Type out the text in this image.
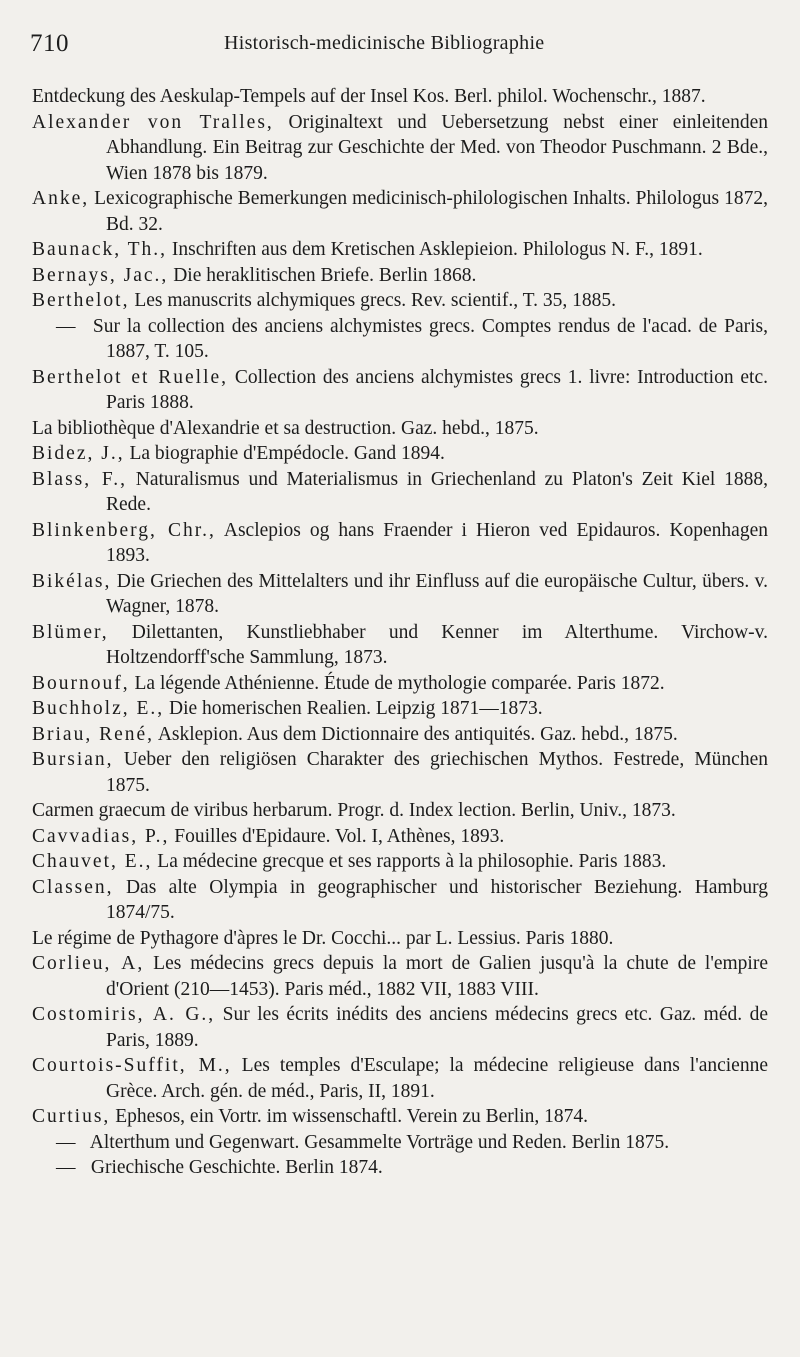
710	Historisch-medicinische Bibliographie

Entdeckung des Aeskulap-Tempels auf der Insel Kos. Berl. philol. Wochenschr., 1887.

Alexander von Tralles, Originaltext und Uebersetzung nebst einer einleitenden Abhandlung. Ein Beitrag zur Geschichte der Med. von Theodor Puschmann. 2 Bde., Wien 1878 bis 1879.

Anke, Lexicographische Bemerkungen medicinisch-philologischen Inhalts. Philologus 1872, Bd. 32.

Baunack, Th., Inschriften aus dem Kretischen Asklepieion. Philologus N. F., 1891.

Bernays, Jac., Die heraklitischen Briefe. Berlin 1868.

Berthelot, Les manuscrits alchymiques grecs. Rev. scientif., T. 35, 1885.

— Sur la collection des anciens alchymistes grecs. Comptes rendus de l'acad. de Paris, 1887, T. 105.

Berthelot et Ruelle, Collection des anciens alchymistes grecs 1. livre: Introduction etc. Paris 1888.

La bibliothèque d'Alexandrie et sa destruction. Gaz. hebd., 1875.

Bidez, J., La biographie d'Empédocle. Gand 1894.

Blass, F., Naturalismus und Materialismus in Griechenland zu Platon's Zeit Kiel 1888, Rede.

Blinkenberg, Chr., Asclepios og hans Fraender i Hieron ved Epidauros. Kopenhagen 1893.

Bikélas, Die Griechen des Mittelalters und ihr Einfluss auf die europäische Cultur, übers. v. Wagner, 1878.

Blümer, Dilettanten, Kunstliebhaber und Kenner im Alterthume. Virchow-v. Holtzendorff'sche Sammlung, 1873.

Bournouf, La légende Athénienne. Étude de mythologie comparée. Paris 1872.

Buchholz, E., Die homerischen Realien. Leipzig 1871—1873.

Briau, René, Asklepion. Aus dem Dictionnaire des antiquités. Gaz. hebd., 1875.

Bursian, Ueber den religiösen Charakter des griechischen Mythos. Festrede, München 1875.

Carmen graecum de viribus herbarum. Progr. d. Index lection. Berlin, Univ., 1873.

Cavvadias, P., Fouilles d'Epidaure. Vol. I, Athènes, 1893.

Chauvet, E., La médecine grecque et ses rapports à la philosophie. Paris 1883.

Classen, Das alte Olympia in geographischer und historischer Beziehung. Hamburg 1874/75.

Le régime de Pythagore d'àpres le Dr. Cocchi... par L. Lessius. Paris 1880.

Corlieu, A, Les médecins grecs depuis la mort de Galien jusqu'à la chute de l'empire d'Orient (210—1453). Paris méd., 1882 VII, 1883 VIII.

Costomiris, A. G., Sur les écrits inédits des anciens médecins grecs etc. Gaz. méd. de Paris, 1889.

Courtois-Suffit, M., Les temples d'Esculape; la médecine religieuse dans l'ancienne Grèce. Arch. gén. de méd., Paris, II, 1891.

Curtius, Ephesos, ein Vortr. im wissenschaftl. Verein zu Berlin, 1874.

— Alterthum und Gegenwart. Gesammelte Vorträge und Reden. Berlin 1875.

— Griechische Geschichte. Berlin 1874.
